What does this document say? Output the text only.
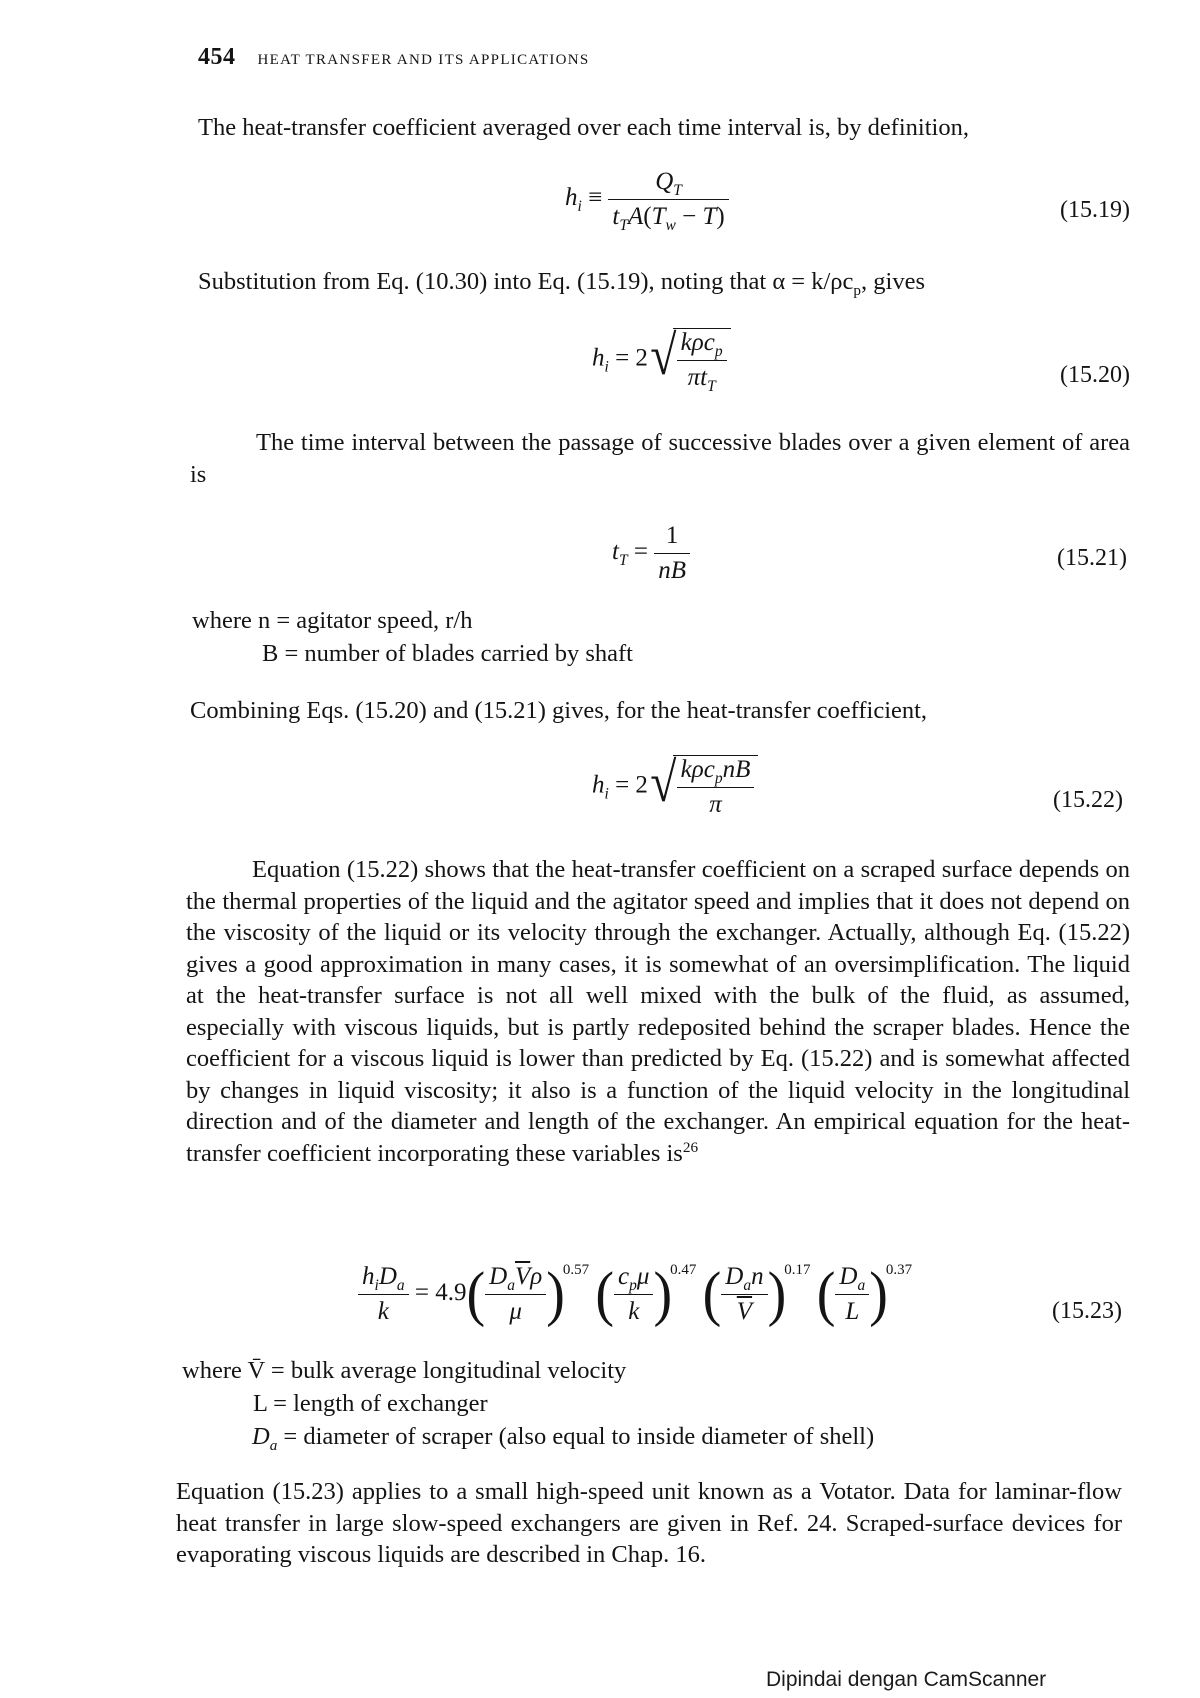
454 HEAT TRANSFER AND ITS APPLICATIONS
The heat-transfer coefficient averaged over each time interval is, by definition,
$h_i \equiv \frac{Q_T}{t_TA(T_w - T)}$	(15.19)
Substitution from Eq. (10.30) into Eq. (15.19), noting that $\alpha = k/\rho c_p$, gives
$h_i = 2$ √ $\frac{k\rho c_p}{\pi t_T}$	(15.20)
The time interval between the passage of successive blades over a given element of area is
$t_T = \frac{1}{nB}$	(15.21)
where n = agitator speed, r/h
B = number of blades carried by shaft
Combining Eqs. (15.20) and (15.21) gives, for the heat-transfer coefficient,
$h_i = 2$ √ $\frac{k\rho c_pnB}{\pi}$	(15.22)
Equation (15.22) shows that the heat-transfer coefficient on a scraped surface depends on the thermal properties of the liquid and the agitator speed and implies that it does not depend on the viscosity of the liquid or its velocity through the exchanger. Actually, although Eq. (15.22) gives a good approximation in many cases, it is somewhat of an oversimplification. The liquid at the heat-transfer surface is not all well mixed with the bulk of the fluid, as assumed, especially with viscous liquids, but is partly redeposited behind the scraper blades. Hence the coefficient for a viscous liquid is lower than predicted by Eq. (15.22) and is somewhat affected by changes in liquid viscosity; it also is a function of the liquid velocity in the longitudinal direction and of the diameter and length of the exchanger. An empirical equation for the heat-transfer coefficient incorporating these variables $is^{26}$
$\frac{h_iD_a}{k} = 4.9( \frac{D_a\overline{V}\rho}{\mu} )^{0.57}$ ( $\frac{c_p\mu}{k} )^{0.47}$ ( $\frac{D_an}{V} )^{0.17}$ ( $\frac{D_a}{L} )^{0.37}$
(15.23)
where V̄ = bulk average longitudinal velocity
L = length of exchanger
$D_a$ = diameter of scraper (also equal to inside diameter of shell)
Equation (15.23) applies to a small high-speed unit known as a Votator. Data for laminar-flow heat transfer in large slow-speed exchangers are given in Ref. 24. Scraped-surface devices for evaporating viscous liquids are described in Chap. 16.
Dipindai dengan CamScanner
